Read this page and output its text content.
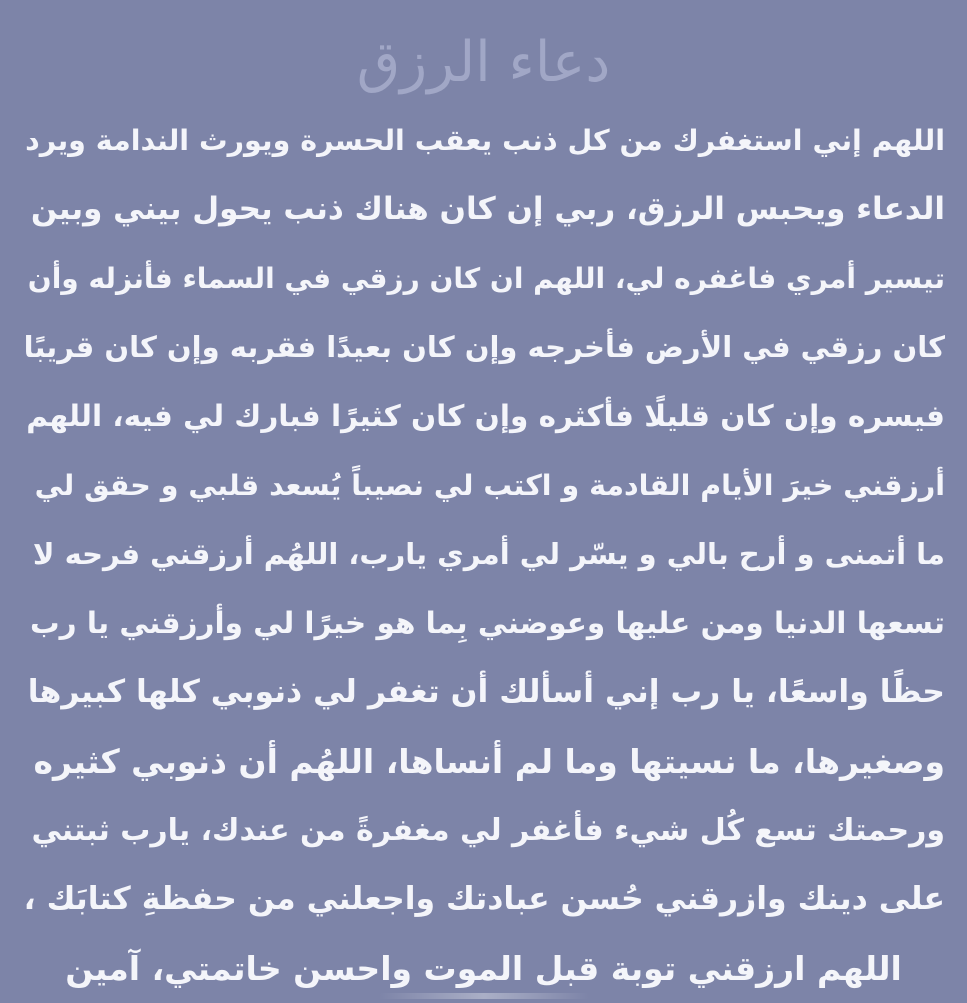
دعاء الرزق
اللهم إني استغفرك من كل ذنب يعقب الحسرة ويورث الندامة ويرد
الدعاء ويحبس الرزق، ربي إن كان هناك ذنب يحول بيني وبين
تيسير أمري فاغفره لي، اللهم ان كان رزقي في السماء فأنزله وأن
كان رزقي في الأرض فأخرجه وإن كان بعيدًا فقربه وإن كان قريبًا
فيسره وإن كان قليلًا فأكثره وإن كان كثيرًا فبارك لي فيه، اللهم
أرزقني خيرَ الأيام القادمة و اكتب لي نصيباً يُسعد قلبي و حقق لي
ما أتمنى و أرح بالي و يسّر لي أمري يارب، اللهُم أرزقني فرحه لا
تسعها الدنيا ومن عليها وعوضني بِما هو خيرًا لي وأرزقني يا رب
حظًا واسعًا، يا رب إني أسألك أن تغفر لي ذنوبي كلها كبيرها
وصغيرها، ما نسيتها وما لم أنساها، اللهُم أن ذنوبي كثيره
ورحمتك تسع كُل شيء فأغفر لي مغفرةً من عندك، يارب ثبتني
على دينك وازرقني حُسن عبادتك واجعلني من حفظةِ كتابَك ،
اللهم ارزقني توبة قبل الموت واحسن خاتمتي، آمين
